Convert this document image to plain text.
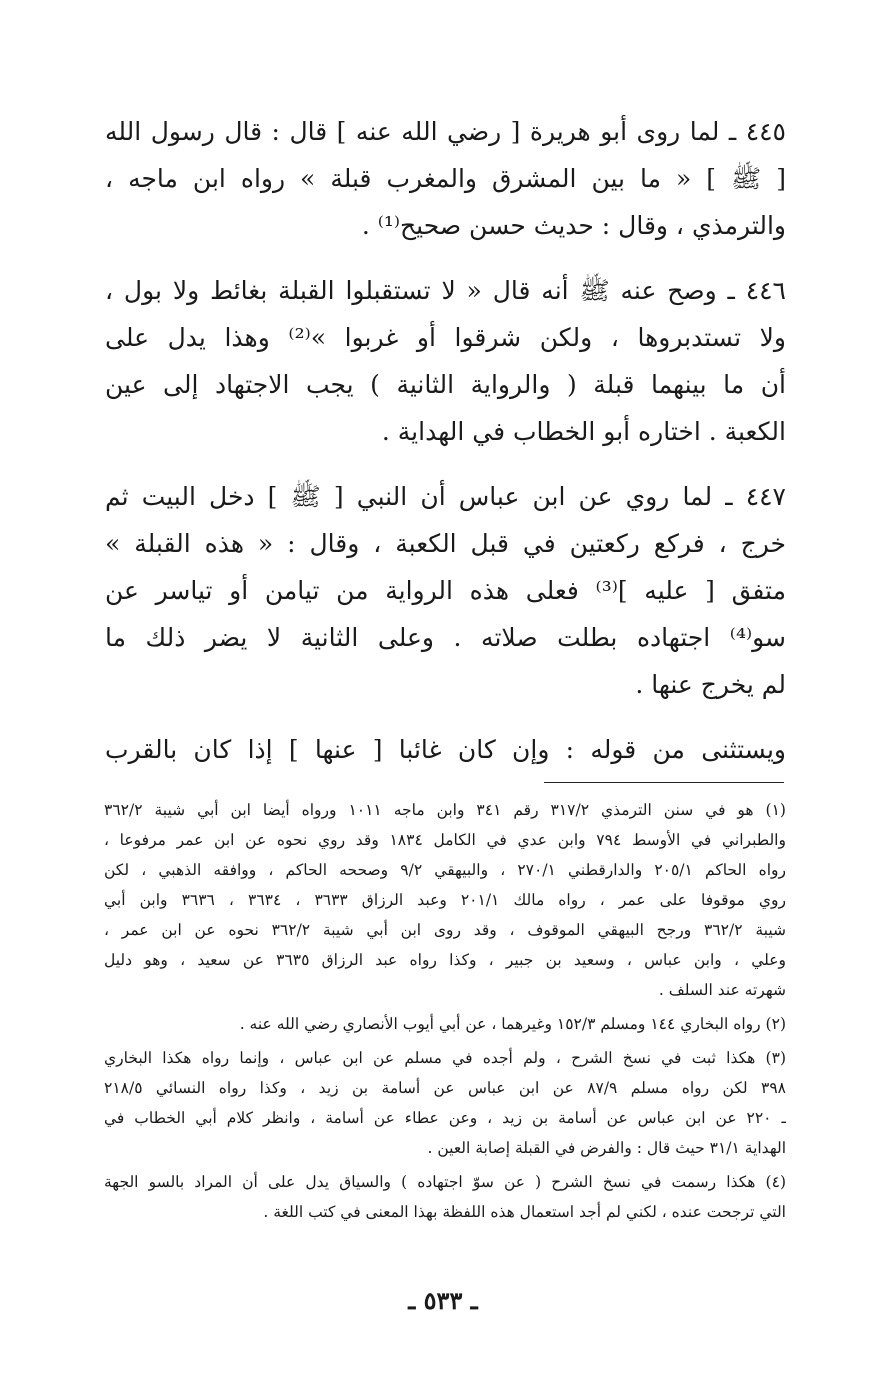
٤٤٥ ـ لما روى أبو هريرة [ رضي الله عنه ] قال : قال رسول الله
[ ﷺ ] « ما بين المشرق والمغرب قبلة » رواه ابن ماجه ،
والترمذي ، وقال : حديث حسن صحيح⁽¹⁾ .
٤٤٦ ـ وصح عنه ﷺ أنه قال « لا تستقبلوا القبلة بغائط ولا بول ،
ولا تستدبروها ، ولكن شرقوا أو غربوا »⁽²⁾ وهذا يدل على
أن ما بينهما قبلة ( والرواية الثانية ) يجب الاجتهاد إلى عين
الكعبة . اختاره أبو الخطاب في الهداية .
٤٤٧ ـ لما روي عن ابن عباس أن النبي [ ﷺ ] دخل البيت ثم
خرج ، فركع ركعتين في قبل الكعبة ، وقال : « هذه القبلة »
متفق [ عليه ]⁽³⁾ فعلى هذه الرواية من تيامن أو تياسر عن
سو⁽⁴⁾ اجتهاده بطلت صلاته . وعلى الثانية لا يضر ذلك ما
لم يخرج عنها .
ويستثنى من قوله : وإن كان غائبا [ عنها ] إذا كان بالقرب
(١) هو في سنن الترمذي ٣١٧/٢ رقم ٣٤١ وابن ماجه ١٠١١ ورواه أيضا ابن أبي شيبة ٣٦٢/٢
والطبراني في الأوسط ٧٩٤ وابن عدي في الكامل ١٨٣٤ وقد روي نحوه عن ابن عمر مرفوعا ،
رواه الحاكم ٢٠٥/١ والدارقطني ٢٧٠/١ ، والبيهقي ٩/٢ وصححه الحاكم ، ووافقه الذهبي ، لكن
روي موقوفا على عمر ، رواه مالك ٢٠١/١ وعبد الرزاق ٣٦٣٣ ، ٣٦٣٤ ، ٣٦٣٦ وابن أبي
شيبة ٣٦٢/٢ ورجح البيهقي الموقوف ، وقد روى ابن أبي شيبة ٣٦٢/٢ نحوه عن ابن عمر ،
وعلي ، وابن عباس ، وسعيد بن جبير ، وكذا رواه عبد الرزاق ٣٦٣٥ عن سعيد ، وهو دليل
شهرته عند السلف .
(٢) رواه البخاري ١٤٤ ومسلم ١٥٢/٣ وغيرهما ، عن أبي أيوب الأنصاري رضي الله عنه .
(٣) هكذا ثبت في نسخ الشرح ، ولم أجده في مسلم عن ابن عباس ، وإنما رواه هكذا البخاري
٣٩٨ لكن رواه مسلم ٨٧/٩ عن ابن عباس عن أسامة بن زيد ، وكذا رواه النسائي ٢١٨/٥
ـ ٢٢٠ عن ابن عباس عن أسامة بن زيد ، وعن عطاء عن أسامة ، وانظر كلام أبي الخطاب في
الهداية ٣١/١ حيث قال : والفرض في القبلة إصابة العين .
(٤) هكذا رسمت في نسخ الشرح ( عن سوّ اجتهاده ) والسياق يدل على أن المراد بالسو الجهة
التي ترجحت عنده ، لكني لم أجد استعمال هذه اللفظة بهذا المعنى في كتب اللغة .
ـ ٥٣٣ ـ
